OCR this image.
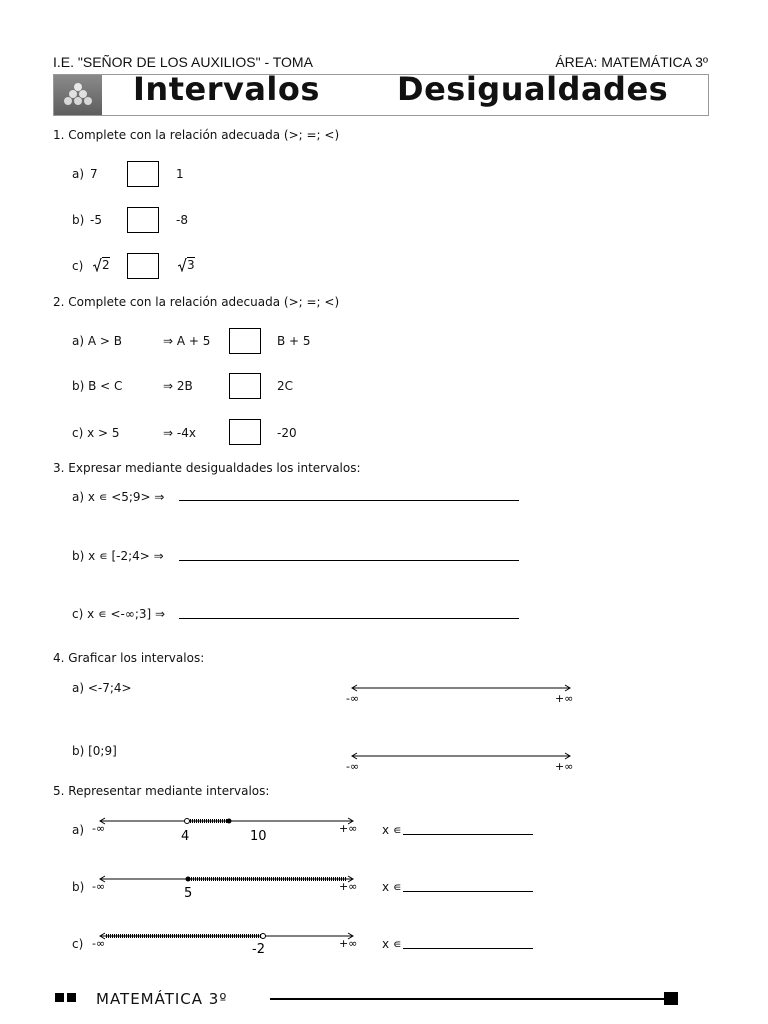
I.E. "SEÑOR DE LOS AUXILIOS" - TOMA	ÁREA: MATEMÁTICA 3º
Intervalos Desigualdades
1. Complete con la relación adecuada (>; =; <)
a) 7	1
b) -5	-8
c)	2	3
2. Complete con la relación adecuada (>; =; <)
a) A > B	⇒ A + 5	B + 5
b) B < C	⇒ 2B	2C
c) x > 5	⇒ -4x	-20
3. Expresar mediante desigualdades los intervalos:
a) x ∊ <5;9> ⇒
b) x ∊ [-2;4> ⇒
c) x ∊ <-∞;3] ⇒
4. Graficar los intervalos:
a) <-7;4>
-∞	+∞
b) [0;9]
-∞	+∞
5. Representar mediante intervalos:
a) -∞	+∞
4	10	x ∊
b) -∞	+∞
5	x ∊
c) -∞	+∞
-2	x ∊
MATEMÁTICA 3º
